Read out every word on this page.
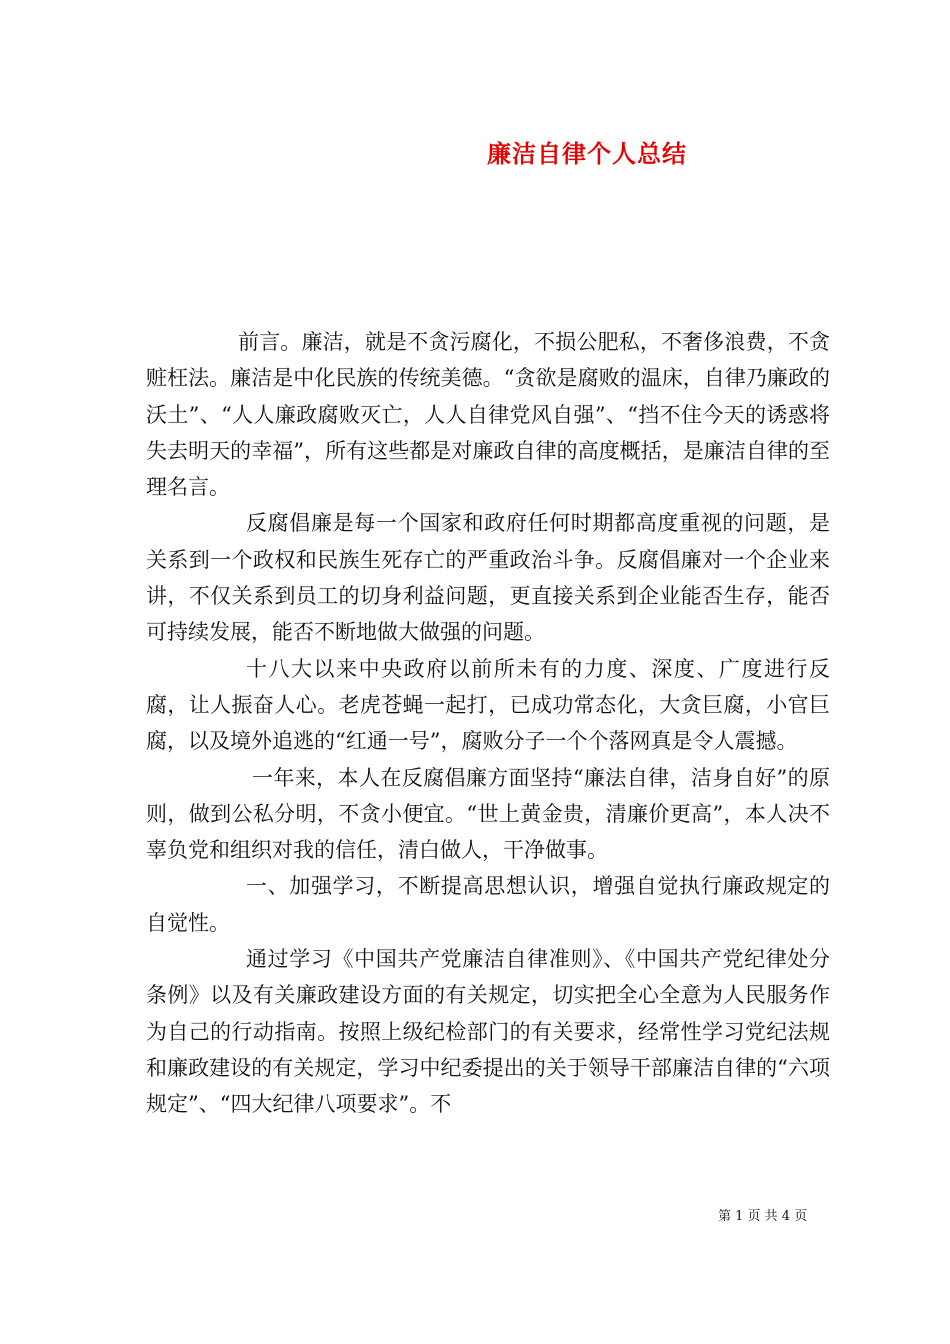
廉洁自律个人总结

前言。廉洁，就是不贪污腐化，不损公肥私，不奢侈浪费，不贪赃枉法。廉洁是中化民族的传统美德。“贪欲是腐败的温床，自律乃廉政的沃土”、“人人廉政腐败灭亡，人人自律党风自强”、“挡不住今天的诱惑将失去明天的幸福”，所有这些都是对廉政自律的高度概括，是廉洁自律的至理名言。

反腐倡廉是每一个国家和政府任何时期都高度重视的问题，是关系到一个政权和民族生死存亡的严重政治斗争。反腐倡廉对一个企业来讲，不仅关系到员工的切身利益问题，更直接关系到企业能否生存，能否可持续发展，能否不断地做大做强的问题。

十八大以来中央政府以前所未有的力度、深度、广度进行反腐，让人振奋人心。老虎苍蝇一起打，已成功常态化，大贪巨腐，小官巨腐，以及境外追逃的“红通一号”，腐败分子一个个落网真是令人震撼。

一年来，本人在反腐倡廉方面坚持“廉法自律，洁身自好”的原则，做到公私分明，不贪小便宜。“世上黄金贵，清廉价更高”，本人决不辜负党和组织对我的信任，清白做人，干净做事。

一、加强学习，不断提高思想认识，增强自觉执行廉政规定的自觉性。

通过学习《中国共产党廉洁自律准则》、《中国共产党纪律处分条例》以及有关廉政建设方面的有关规定，切实把全心全意为人民服务作为自己的行动指南。按照上级纪检部门的有关要求，经常性学习党纪法规和廉政建设的有关规定，学习中纪委提出的关于领导干部廉洁自律的“六项规定”、“四大纪律八项要求”。不

第 1 页 共 4 页
